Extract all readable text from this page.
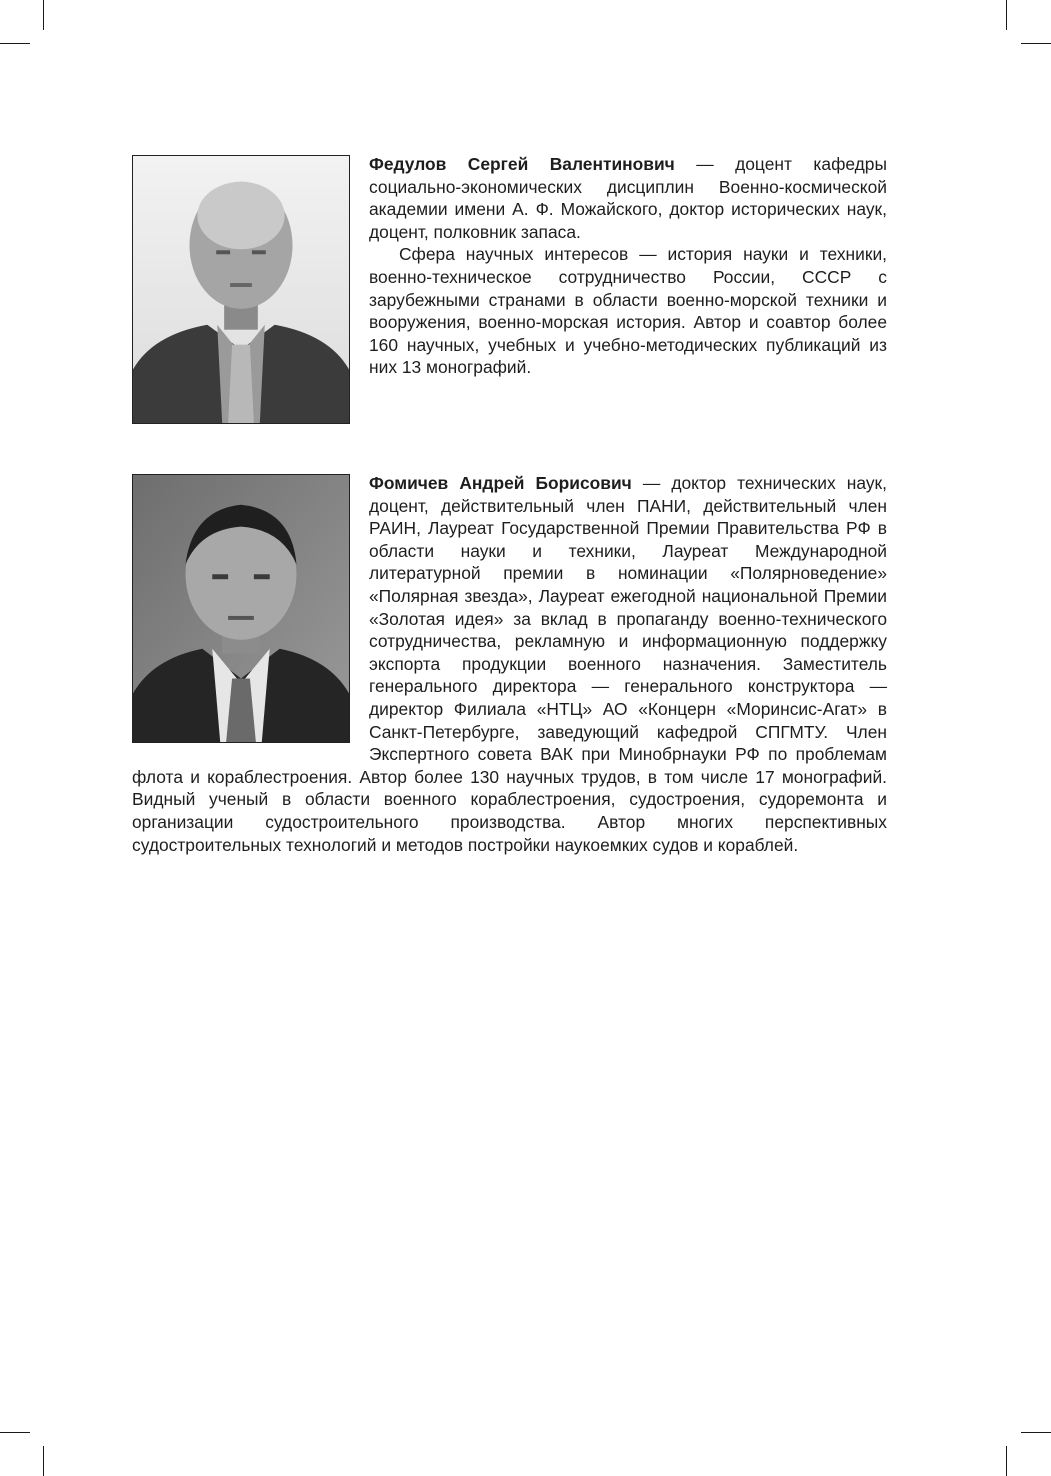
Федулов Сергей Валентинович — доцент кафедры социально-экономических дисциплин Военно-космической академии имени А. Ф. Можайского, доктор исторических наук, доцент, полковник запаса.

Сфера научных интересов — история науки и техники, военно-техническое сотрудничество России, СССР с зарубежными странами в области военно-морской техники и вооружения, военно-морская история. Автор и соавтор более 160 научных, учебных и учебно-методических публикаций из них 13 монографий.

Фомичев Андрей Борисович — доктор технических наук, доцент, действительный член ПАНИ, действительный член РАИН, Лауреат Государственной Премии Правительства РФ в области науки и техники, Лауреат Международной литературной премии в номинации «Полярноведение» «Полярная звезда», Лауреат ежегодной национальной Премии «Золотая идея» за вклад в пропаганду военно-технического сотрудничества, рекламную и информационную поддержку экспорта продукции военного назначения. Заместитель генерального директора — генерального конструктора — директор Филиала «НТЦ» АО «Концерн «Моринсис-Агат» в Санкт-Петербурге, заведующий кафедрой СПГМТУ. Член Экспертного совета ВАК при Минобрнауки РФ по проблемам флота и кораблестроения. Автор более 130 научных трудов, в том числе 17 монографий. Видный ученый в области военного кораблестроения, судостроения, судоремонта и организации судостроительного производства. Автор многих перспективных судостроительных технологий и методов постройки наукоемких судов и кораблей.
